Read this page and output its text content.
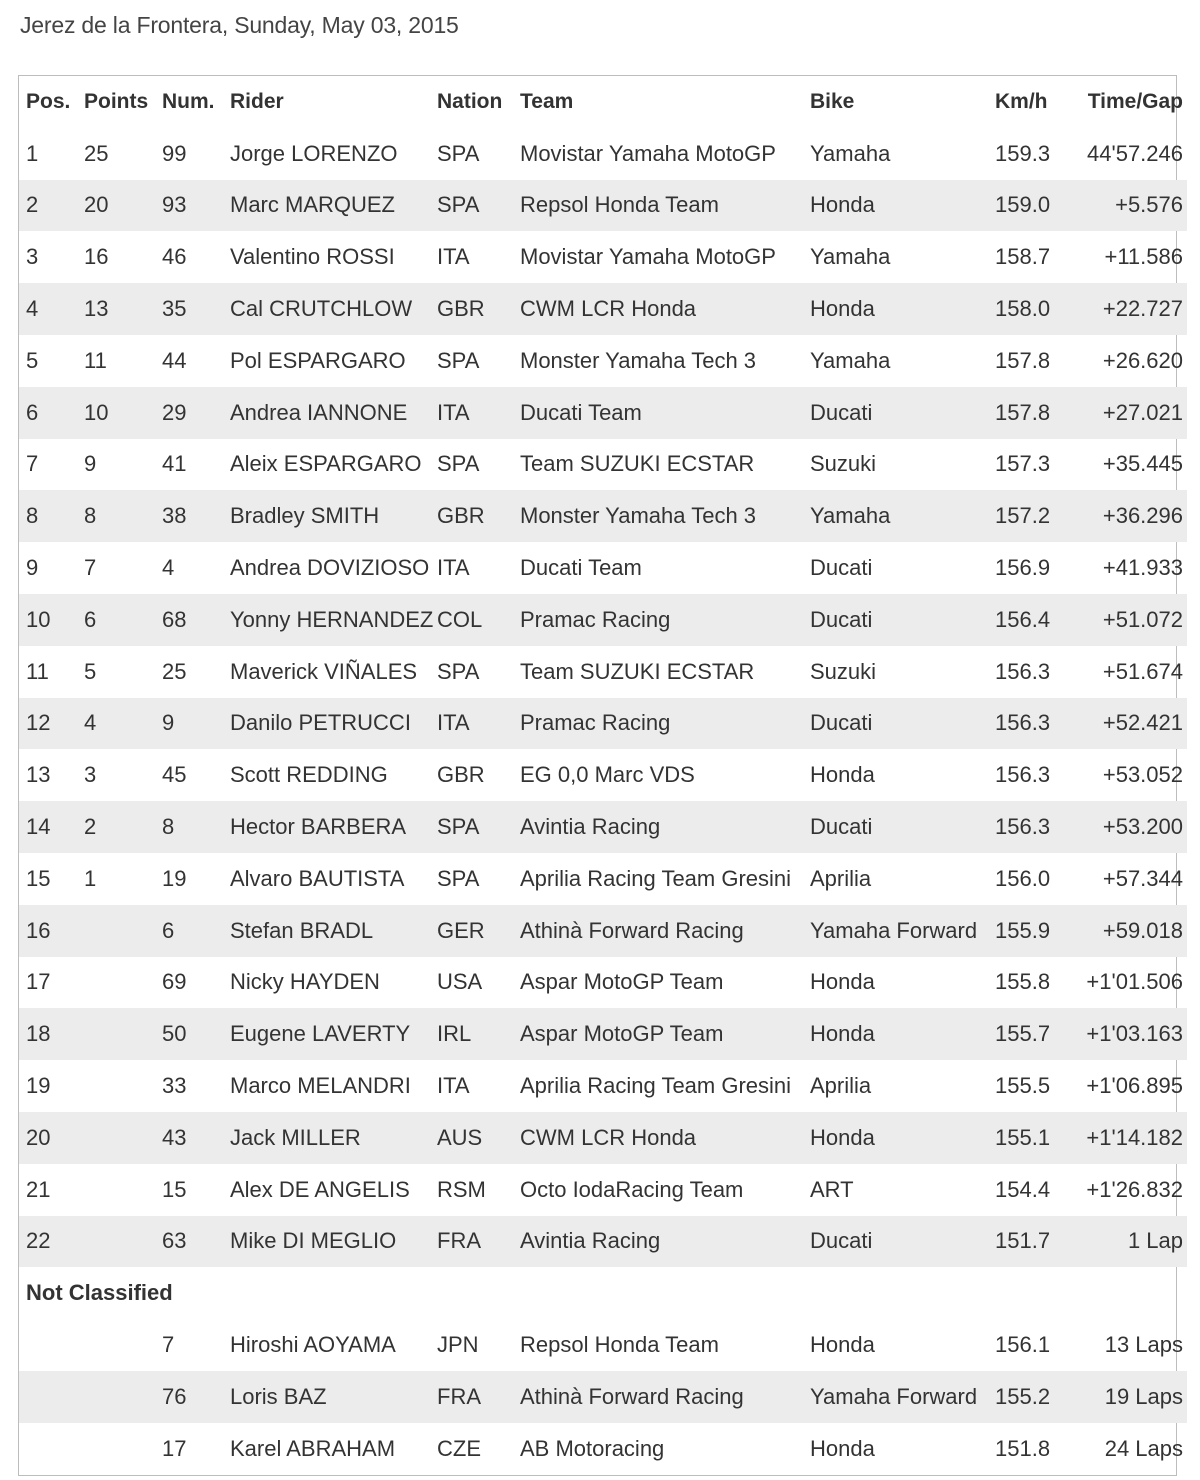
Jerez de la Frontera, Sunday, May 03, 2015
Pos.	Points	Num.	Rider	Nation	Team	Bike	Km/h	Time/Gap
1	25	99	Jorge LORENZO	SPA	Movistar Yamaha MotoGP	Yamaha	159.3	44'57.246
2	20	93	Marc MARQUEZ	SPA	Repsol Honda Team	Honda	159.0	+5.576
3	16	46	Valentino ROSSI	ITA	Movistar Yamaha MotoGP	Yamaha	158.7	+11.586
4	13	35	Cal CRUTCHLOW	GBR	CWM LCR Honda	Honda	158.0	+22.727
5	11	44	Pol ESPARGARO	SPA	Monster Yamaha Tech 3	Yamaha	157.8	+26.620
6	10	29	Andrea IANNONE	ITA	Ducati Team	Ducati	157.8	+27.021
7	9	41	Aleix ESPARGARO	SPA	Team SUZUKI ECSTAR	Suzuki	157.3	+35.445
8	8	38	Bradley SMITH	GBR	Monster Yamaha Tech 3	Yamaha	157.2	+36.296
9	7	4	Andrea DOVIZIOSO	ITA	Ducati Team	Ducati	156.9	+41.933
10	6	68	Yonny HERNANDEZ	COL	Pramac Racing	Ducati	156.4	+51.072
11	5	25	Maverick VIÑALES	SPA	Team SUZUKI ECSTAR	Suzuki	156.3	+51.674
12	4	9	Danilo PETRUCCI	ITA	Pramac Racing	Ducati	156.3	+52.421
13	3	45	Scott REDDING	GBR	EG 0,0 Marc VDS	Honda	156.3	+53.052
14	2	8	Hector BARBERA	SPA	Avintia Racing	Ducati	156.3	+53.200
15	1	19	Alvaro BAUTISTA	SPA	Aprilia Racing Team Gresini	Aprilia	156.0	+57.344
16		6	Stefan BRADL	GER	Athinà Forward Racing	Yamaha Forward	155.9	+59.018
17		69	Nicky HAYDEN	USA	Aspar MotoGP Team	Honda	155.8	+1'01.506
18		50	Eugene LAVERTY	IRL	Aspar MotoGP Team	Honda	155.7	+1'03.163
19		33	Marco MELANDRI	ITA	Aprilia Racing Team Gresini	Aprilia	155.5	+1'06.895
20		43	Jack MILLER	AUS	CWM LCR Honda	Honda	155.1	+1'14.182
21		15	Alex DE ANGELIS	RSM	Octo IodaRacing Team	ART	154.4	+1'26.832
22		63	Mike DI MEGLIO	FRA	Avintia Racing	Ducati	151.7	1 Lap
Not Classified								
		7	Hiroshi AOYAMA	JPN	Repsol Honda Team	Honda	156.1	13 Laps
		76	Loris BAZ	FRA	Athinà Forward Racing	Yamaha Forward	155.2	19 Laps
		17	Karel ABRAHAM	CZE	AB Motoracing	Honda	151.8	24 Laps
